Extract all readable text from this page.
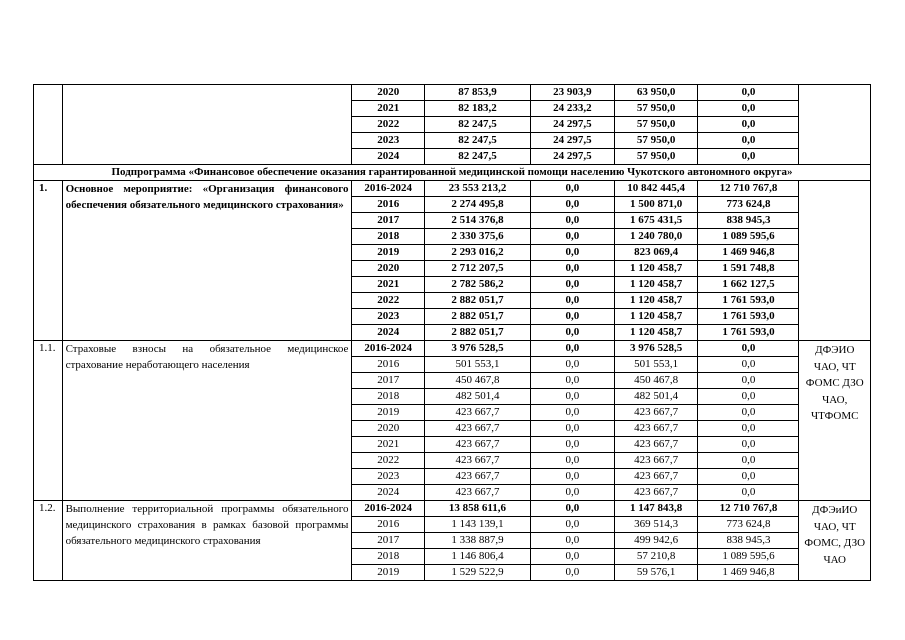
		2020	87 853,9	23 903,9	63 950,0	0,0	
		2021	82 183,2	24 233,2	57 950,0	0,0	
		2022	82 247,5	24 297,5	57 950,0	0,0	
		2023	82 247,5	24 297,5	57 950,0	0,0	
		2024	82 247,5	24 297,5	57 950,0	0,0	
Подпрограмма «Финансовое обеспечение оказания гарантированной медицинской помощи населению Чукотского автономного округа»							
1.	Основное мероприятие: «Организация финансового обеспечения обязательного медицинского страхования»	2016-2024	23 553 213,2	0,0	10 842 445,4	12 710 767,8	
		2016	2 274 495,8	0,0	1 500 871,0	773 624,8	
		2017	2 514 376,8	0,0	1 675 431,5	838 945,3	
		2018	2 330 375,6	0,0	1 240 780,0	1 089 595,6	
		2019	2 293 016,2	0,0	823 069,4	1 469 946,8	
		2020	2 712 207,5	0,0	1 120 458,7	1 591 748,8	
		2021	2 782 586,2	0,0	1 120 458,7	1 662 127,5	
		2022	2 882 051,7	0,0	1 120 458,7	1 761 593,0	
		2023	2 882 051,7	0,0	1 120 458,7	1 761 593,0	
		2024	2 882 051,7	0,0	1 120 458,7	1 761 593,0	
1.1.	Страховые взносы на обязательное медицинское страхование неработающего населения	2016-2024	3 976 528,5	0,0	3 976 528,5	0,0	ДФЭИО ЧАО, ЧТ ФОМС ДЗО ЧАО, ЧТФОМС
		2016	501 553,1	0,0	501 553,1	0,0	
		2017	450 467,8	0,0	450 467,8	0,0	
		2018	482 501,4	0,0	482 501,4	0,0	
		2019	423 667,7	0,0	423 667,7	0,0	
		2020	423 667,7	0,0	423 667,7	0,0	
		2021	423 667,7	0,0	423 667,7	0,0	
		2022	423 667,7	0,0	423 667,7	0,0	
		2023	423 667,7	0,0	423 667,7	0,0	
		2024	423 667,7	0,0	423 667,7	0,0	
1.2.	Выполнение территориальной программы обязательного медицинского страхования в рамках базовой программы обязательного медицинского страхования	2016-2024	13 858 611,6	0,0	1 147 843,8	12 710 767,8	ДФЭиИО ЧАО, ЧТ ФОМС, ДЗО ЧАО
		2016	1 143 139,1	0,0	369 514,3	773 624,8	
		2017	1 338 887,9	0,0	499 942,6	838 945,3	
		2018	1 146 806,4	0,0	57 210,8	1 089 595,6	
		2019	1 529 522,9	0,0	59 576,1	1 469 946,8	
